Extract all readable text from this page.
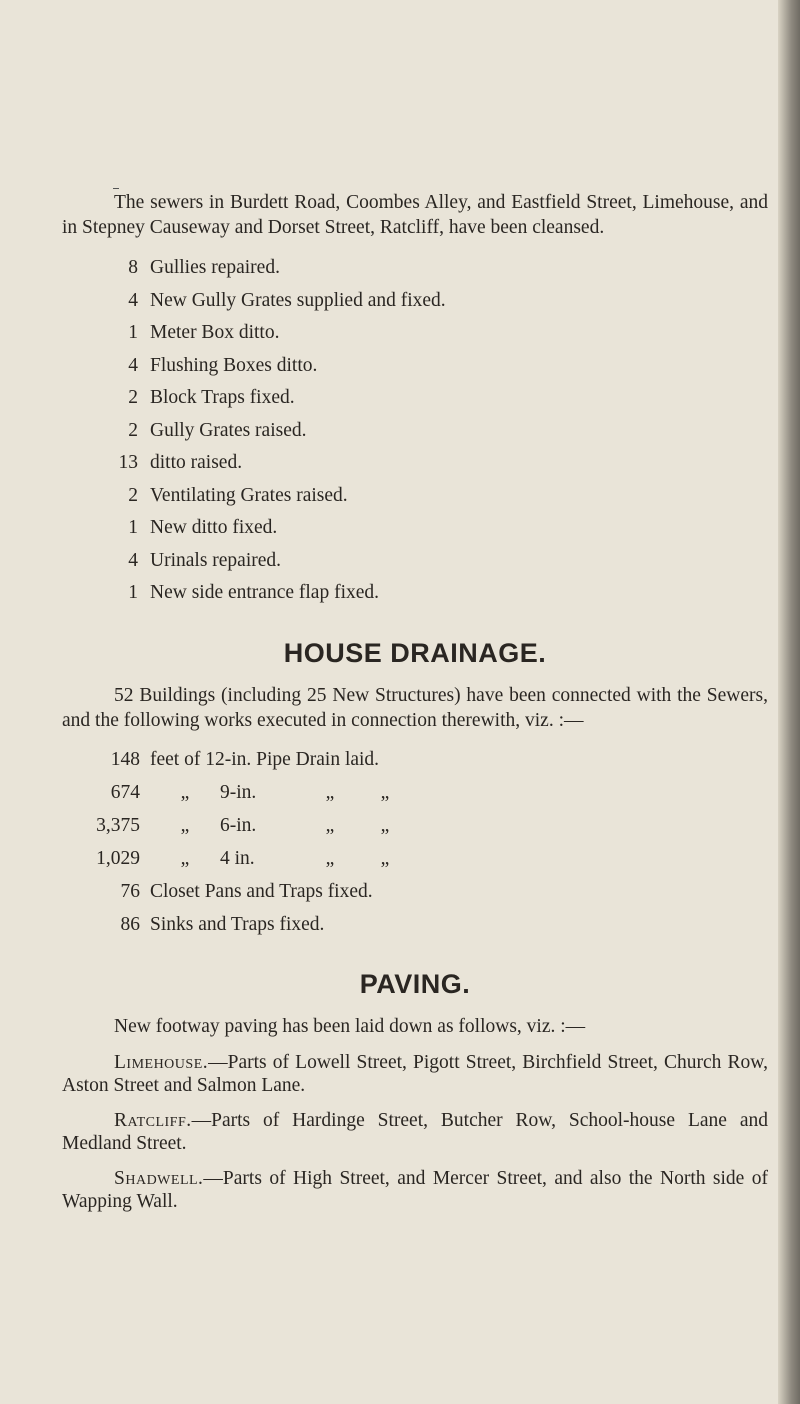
The sewers in Burdett Road, Coombes Alley, and Eastfield Street, Limehouse, and in Stepney Causeway and Dorset Street, Ratcliff, have been cleansed.

8 Gullies repaired.
4 New Gully Grates supplied and fixed.
1 Meter Box ditto.
4 Flushing Boxes ditto.
2 Block Traps fixed.
2 Gully Grates raised.
13 ditto raised.
2 Ventilating Grates raised.
1 New ditto fixed.
4 Urinals repaired.
1 New side entrance flap fixed.
HOUSE DRAINAGE.

52 Buildings (including 25 New Structures) have been connected with the Sewers, and the following works executed in connection therewith, viz. :—

148 feet of 12-in. Pipe Drain laid.
674	„	9-in.	„	„
3,375	„	6-in.	„	„
1,029	„	4 in.	„	„
76 Closet Pans and Traps fixed.
86 Sinks and Traps fixed.
PAVING.

New footway paving has been laid down as follows, viz. :—

Limehouse.—Parts of Lowell Street, Pigott Street, Birchfield Street, Church Row, Aston Street and Salmon Lane.

Ratcliff.—Parts of Hardinge Street, Butcher Row, School-house Lane and Medland Street.

Shadwell.—Parts of High Street, and Mercer Street, and also the North side of Wapping Wall.
